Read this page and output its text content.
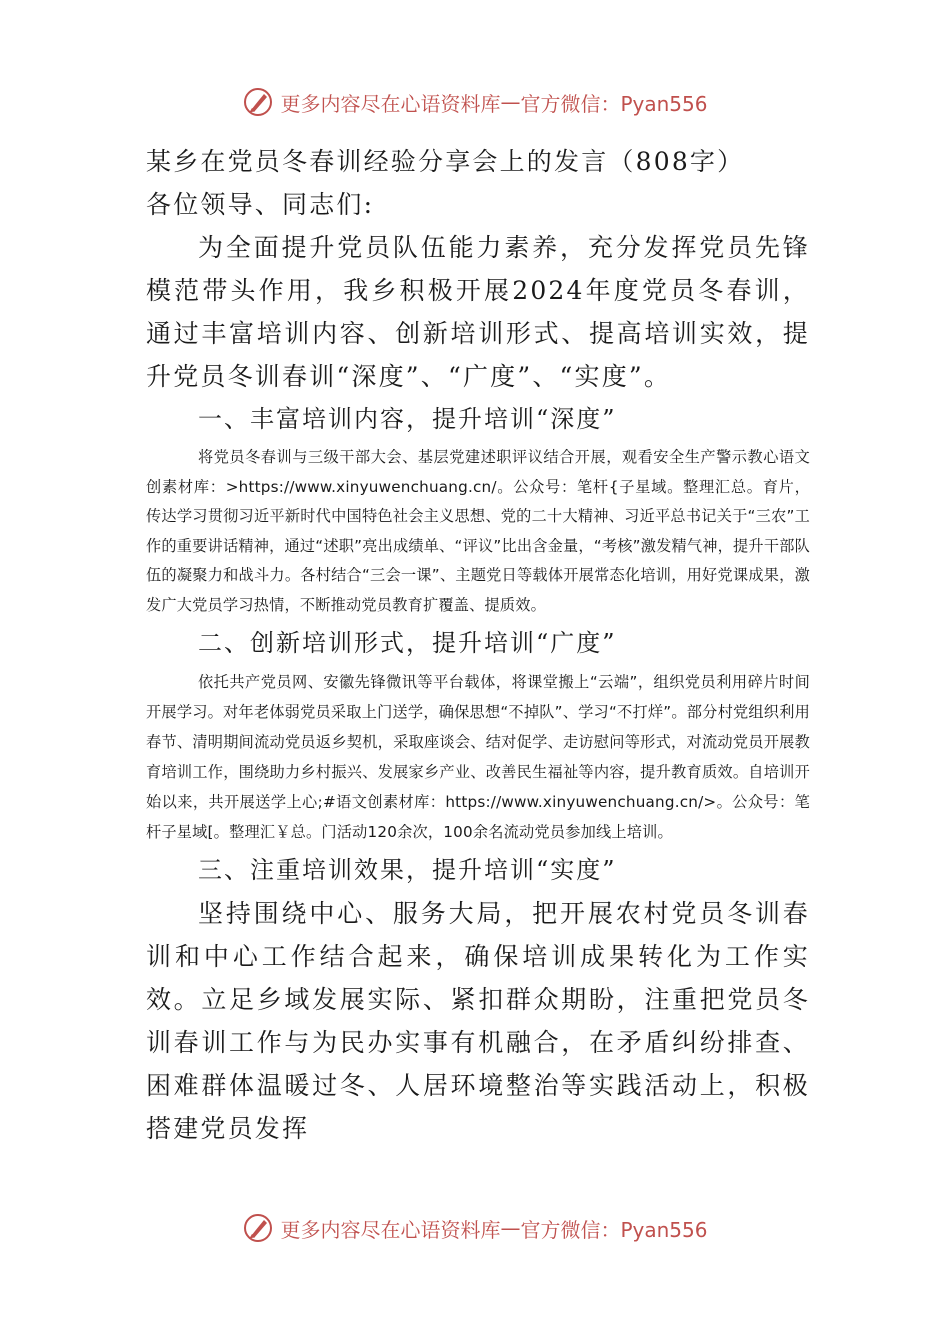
更多内容尽在心语资料库 — 官方微信：Pyan556

某乡在党员冬春训经验分享会上的发言（808字）

各位领导、同志们:

为全面提升党员队伍能力素养，充分发挥党员先锋模范带头作用，我乡积极开展2024年度党员冬春训，通过丰富培训内容、创新培训形式、提高培训实效，提升党员冬训春训“深度”、“广度”、“实度”。

一、丰富培训内容，提升培训“深度”

将党员冬春训与三级干部大会、基层党建述职评议结合开展，观看安全生产警示教心语文创素材库：>https://www.xinyuwenchuang.cn/。公众号：笔杆{子星域。整理汇总。育片，传达学习贯彻习近平新时代中国特色社会主义思想、党的二十大精神、习近平总书记关于“三农”工作的重要讲话精神，通过“述职”亮出成绩单、“评议”比出含金量，“考核”激发精气神，提升干部队伍的凝聚力和战斗力。各村结合“三会一课”、主题党日等载体开展常态化培训，用好党课成果，激发广大党员学习热情，不断推动党员教育扩覆盖、提质效。

二、创新培训形式，提升培训“广度”

依托共产党员网、安徽先锋微讯等平台载体，将课堂搬上“云端”，组织党员利用碎片时间开展学习。对年老体弱党员采取上门送学，确保思想“不掉队”、学习“不打烊”。部分村党组织利用春节、清明期间流动党员返乡契机，采取座谈会、结对促学、走访慰问等形式，对流动党员开展教育培训工作，围绕助力乡村振兴、发展家乡产业、改善民生福祉等内容，提升教育质效。自培训开始以来，共开展送学上心;#语文创素材库：https://www.xinyuwenchuang.cn/>。公众号：笔杆子星域[。整理汇￥总。门活动120余次，100余名流动党员参加线上培训。

三、注重培训效果，提升培训“实度”

坚持围绕中心、服务大局，把开展农村党员冬训春训和中心工作结合起来，确保培训成果转化为工作实效。立足乡域发展实际、紧扣群众期盼，注重把党员冬训春训工作与为民办实事有机融合，在矛盾纠纷排查、困难群体温暖过冬、人居环境整治等实践活动上，积极搭建党员发挥

更多内容尽在心语资料库 — 官方微信：Pyan556
